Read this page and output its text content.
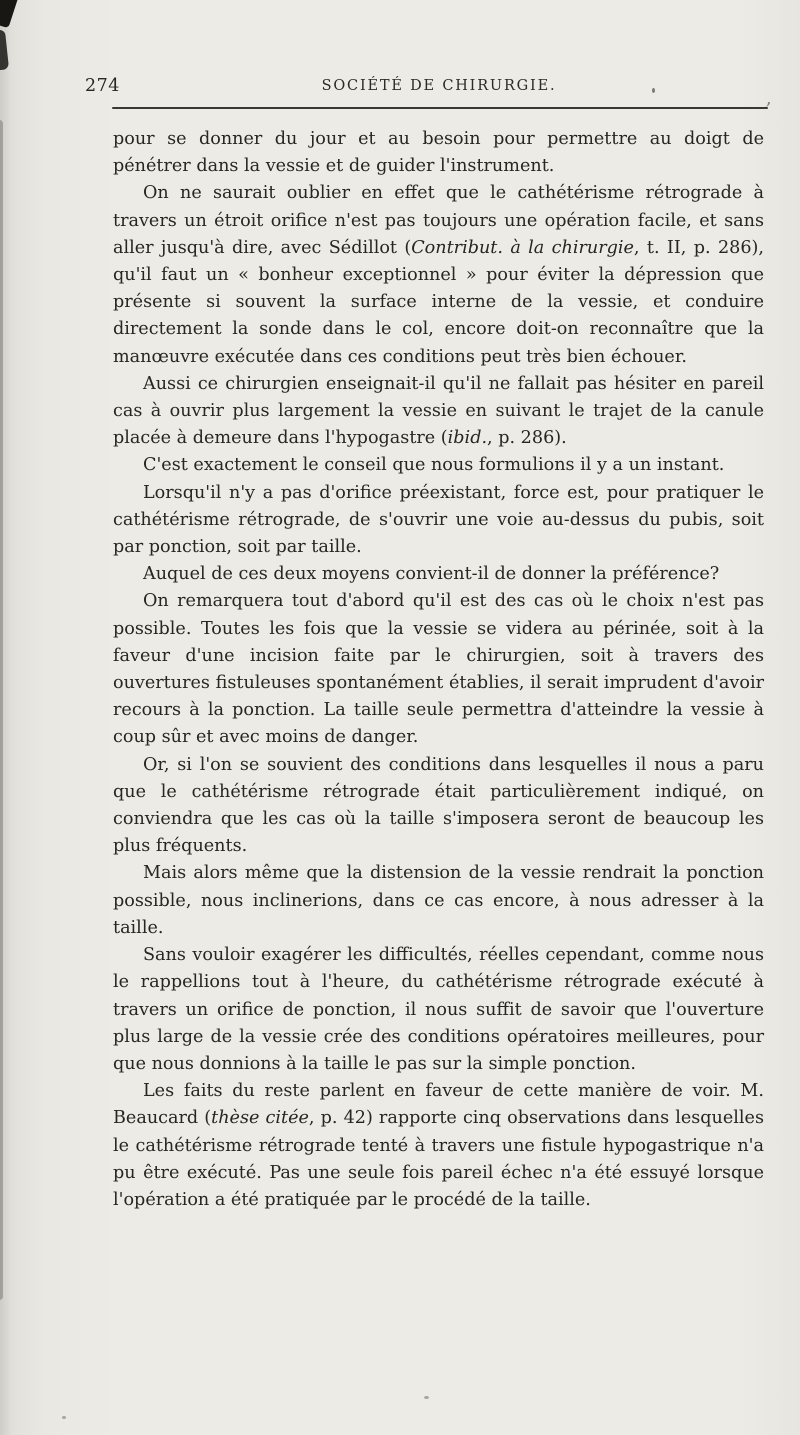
274	SOCIÉTÉ DE CHIRURGIE.

pour se donner du jour et au besoin pour permettre au doigt de pénétrer dans la vessie et de guider l'instrument.

On ne saurait oublier en effet que le cathétérisme rétrograde à travers un étroit orifice n'est pas toujours une opération facile, et sans aller jusqu'à dire, avec Sédillot (Contribut. à la chirurgie, t. II, p. 286), qu'il faut un « bonheur exceptionnel » pour éviter la dépression que présente si souvent la surface interne de la vessie, et conduire directement la sonde dans le col, encore doit-on reconnaître que la manœuvre exécutée dans ces conditions peut très bien échouer.

Aussi ce chirurgien enseignait-il qu'il ne fallait pas hésiter en pareil cas à ouvrir plus largement la vessie en suivant le trajet de la canule placée à demeure dans l'hypogastre (ibid., p. 286).

C'est exactement le conseil que nous formulions il y a un instant.

Lorsqu'il n'y a pas d'orifice préexistant, force est, pour pratiquer le cathétérisme rétrograde, de s'ouvrir une voie au-dessus du pubis, soit par ponction, soit par taille.

Auquel de ces deux moyens convient-il de donner la préférence?

On remarquera tout d'abord qu'il est des cas où le choix n'est pas possible. Toutes les fois que la vessie se videra au périnée, soit à la faveur d'une incision faite par le chirurgien, soit à travers des ouvertures fistuleuses spontanément établies, il serait imprudent d'avoir recours à la ponction. La taille seule permettra d'atteindre la vessie à coup sûr et avec moins de danger.

Or, si l'on se souvient des conditions dans lesquelles il nous a paru que le cathétérisme rétrograde était particulièrement indiqué, on conviendra que les cas où la taille s'imposera seront de beaucoup les plus fréquents.

Mais alors même que la distension de la vessie rendrait la ponction possible, nous inclinerions, dans ce cas encore, à nous adresser à la taille.

Sans vouloir exagérer les difficultés, réelles cependant, comme nous le rappellions tout à l'heure, du cathétérisme rétrograde exécuté à travers un orifice de ponction, il nous suffit de savoir que l'ouverture plus large de la vessie crée des conditions opératoires meilleures, pour que nous donnions à la taille le pas sur la simple ponction.

Les faits du reste parlent en faveur de cette manière de voir. M. Beaucard (thèse citée, p. 42) rapporte cinq observations dans lesquelles le cathétérisme rétrograde tenté à travers une fistule hypogastrique n'a pu être exécuté. Pas une seule fois pareil échec n'a été essuyé lorsque l'opération a été pratiquée par le procédé de la taille.
